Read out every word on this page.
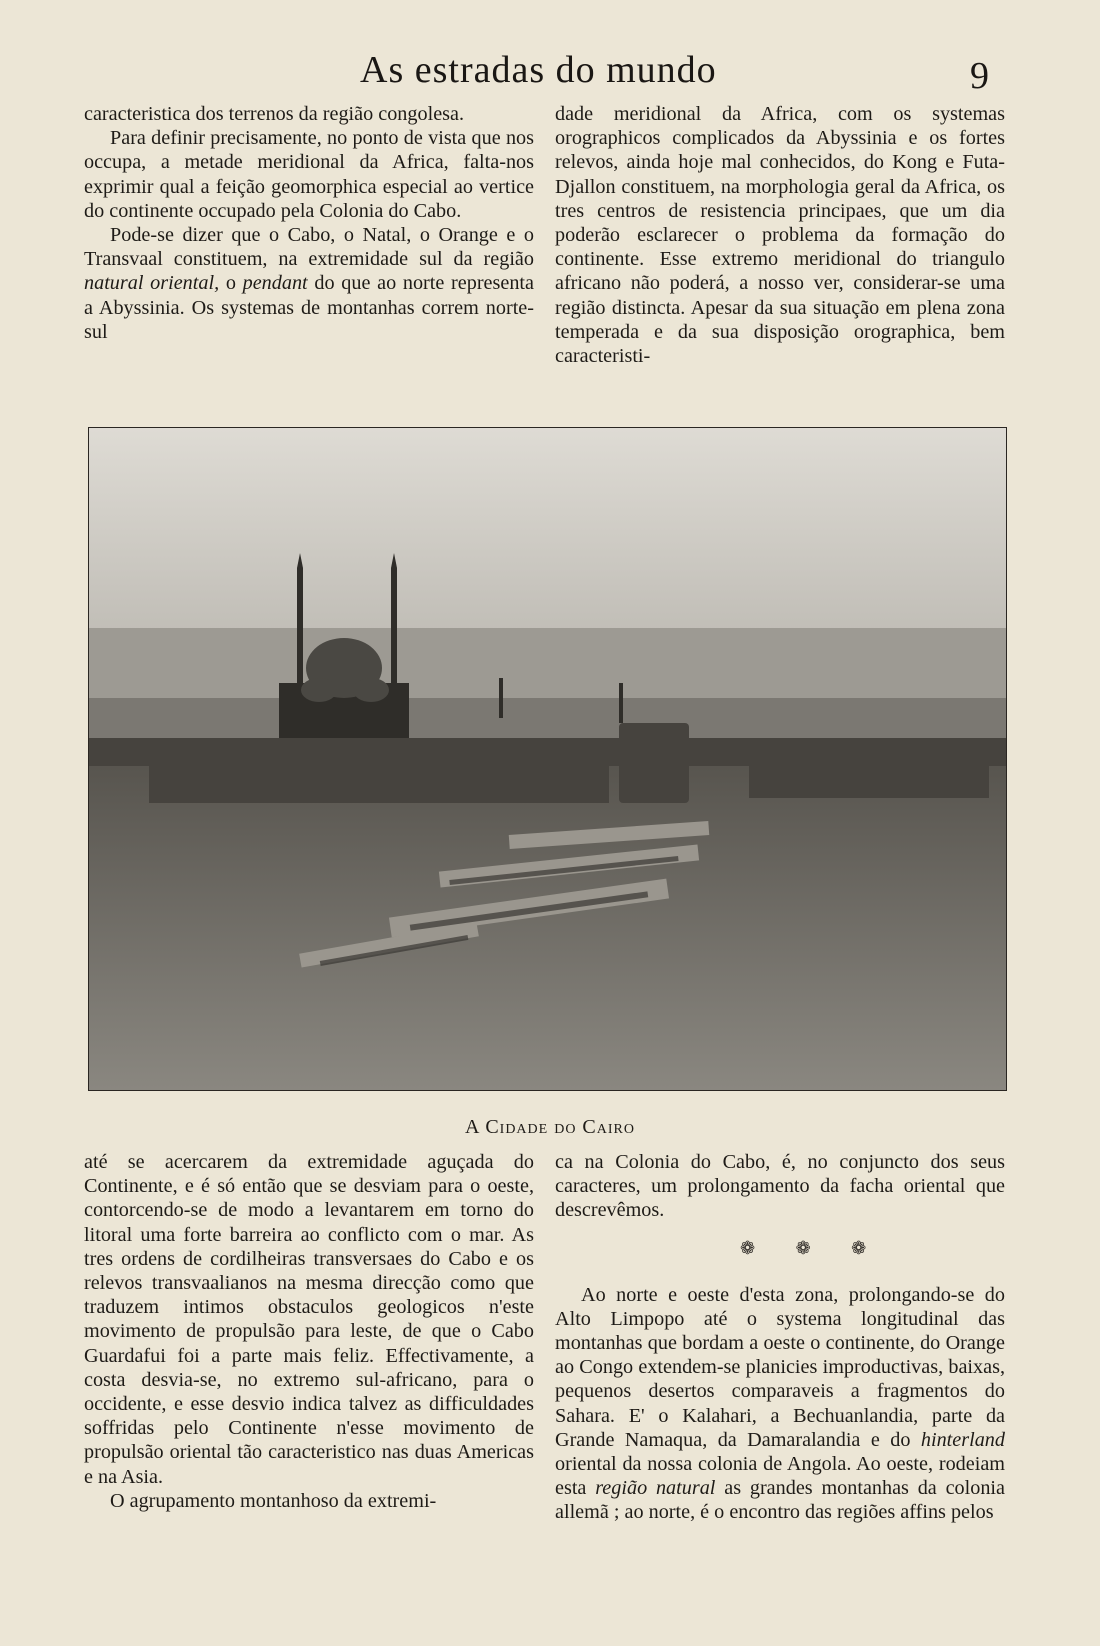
As estradas do mundo	9

caracteristica dos terrenos da região congolesa.

Para definir precisamente, no ponto de vista que nos occupa, a metade meridional da Africa, falta-nos exprimir qual a feição geomorphica especial ao vertice do continente occupado pela Colonia do Cabo.

Pode-se dizer que o Cabo, o Natal, o Orange e o Transvaal constituem, na extremidade sul da região natural oriental, o pendant do que ao norte representa a Abyssinia. Os systemas de montanhas correm norte-sul

dade meridional da Africa, com os systemas orographicos complicados da Abyssinia e os fortes relevos, ainda hoje mal conhecidos, do Kong e Futa-Djallon constituem, na morphologia geral da Africa, os tres centros de resistencia principaes, que um dia poderão esclarecer o problema da formação do continente. Esse extremo meridional do triangulo africano não poderá, a nosso ver, considerar-se uma região distincta. Apesar da sua situação em plena zona temperada e da sua disposição orographica, bem caracteristi-

A Cidade do Cairo

até se acercarem da extremidade aguçada do Continente, e é só então que se desviam para o oeste, contorcendo-se de modo a levantarem em torno do litoral uma forte barreira ao conflicto com o mar. As tres ordens de cordilheiras transversaes do Cabo e os relevos transvaalianos na mesma direcção como que traduzem intimos obstaculos geologicos n'este movimento de propulsão para leste, de que o Cabo Guardafui foi a parte mais feliz. Effectivamente, a costa desvia-se, no extremo sul-africano, para o occidente, e esse desvio indica talvez as difficuldades soffridas pelo Continente n'esse movimento de propulsão oriental tão caracteristico nas duas Americas e na Asia.

O agrupamento montanhoso da extremi-

ca na Colonia do Cabo, é, no conjuncto dos seus caracteres, um prolongamento da facha oriental que descrevêmos.

Ao norte e oeste d'esta zona, prolongando-se do Alto Limpopo até o systema longitudinal das montanhas que bordam a oeste o continente, do Orange ao Congo extendem-se planicies improductivas, baixas, pequenos desertos comparaveis a fragmentos do Sahara. E' o Kalahari, a Bechuanlandia, parte da Grande Namaqua, da Damaralandia e do hinterland oriental da nossa colonia de Angola. Ao oeste, rodeiam esta região natural as grandes montanhas da colonia allemã ; ao norte, é o encontro das regiões affins pelos

❁ ❁ ❁
